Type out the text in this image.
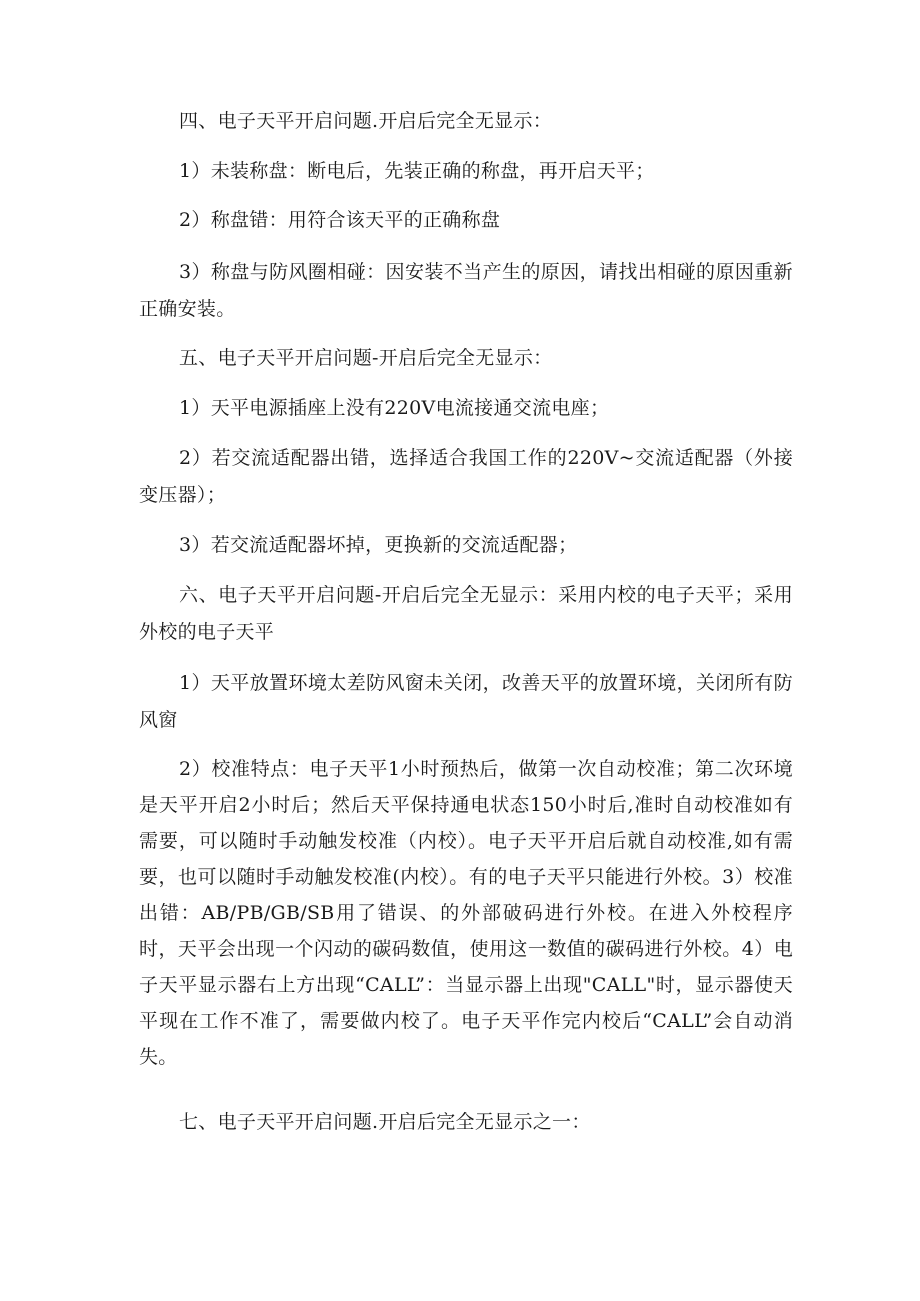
四、电子天平开启问题.开启后完全无显示：

1）未装称盘：断电后，先装正确的称盘，再开启天平；

2）称盘错：用符合该天平的正确称盘

3）称盘与防风圈相碰：因安装不当产生的原因，请找出相碰的原因重新正确安装。

五、电子天平开启问题-开启后完全无显示：

1）天平电源插座上没有220V电流接通交流电座；

2）若交流适配器出错，选择适合我国工作的220V~交流适配器（外接变压器）；

3）若交流适配器坏掉，更换新的交流适配器；

六、电子天平开启问题-开启后完全无显示：采用内校的电子天平；采用外校的电子天平

1）天平放置环境太差防风窗未关闭，改善天平的放置环境，关闭所有防风窗

2）校准特点：电子天平1小时预热后，做第一次自动校准；第二次环境是天平开启2小时后；然后天平保持通电状态150小时后,准时自动校准如有需要，可以随时手动触发校准（内校）。电子天平开启后就自动校准,如有需要，也可以随时手动触发校准(内校）。有的电子天平只能进行外校。3）校准出错：AB/PB/GB/SB用了错误、的外部破码进行外校。在进入外校程序时，天平会出现一个闪动的碳码数值，使用这一数值的碳码进行外校。4）电子天平显示器右上方出现“CALL”：当显示器上出现"CALL"时，显示器使天平现在工作不准了，需要做内校了。电子天平作完内校后“CALL”会自动消失。

七、电子天平开启问题.开启后完全无显示之一：
